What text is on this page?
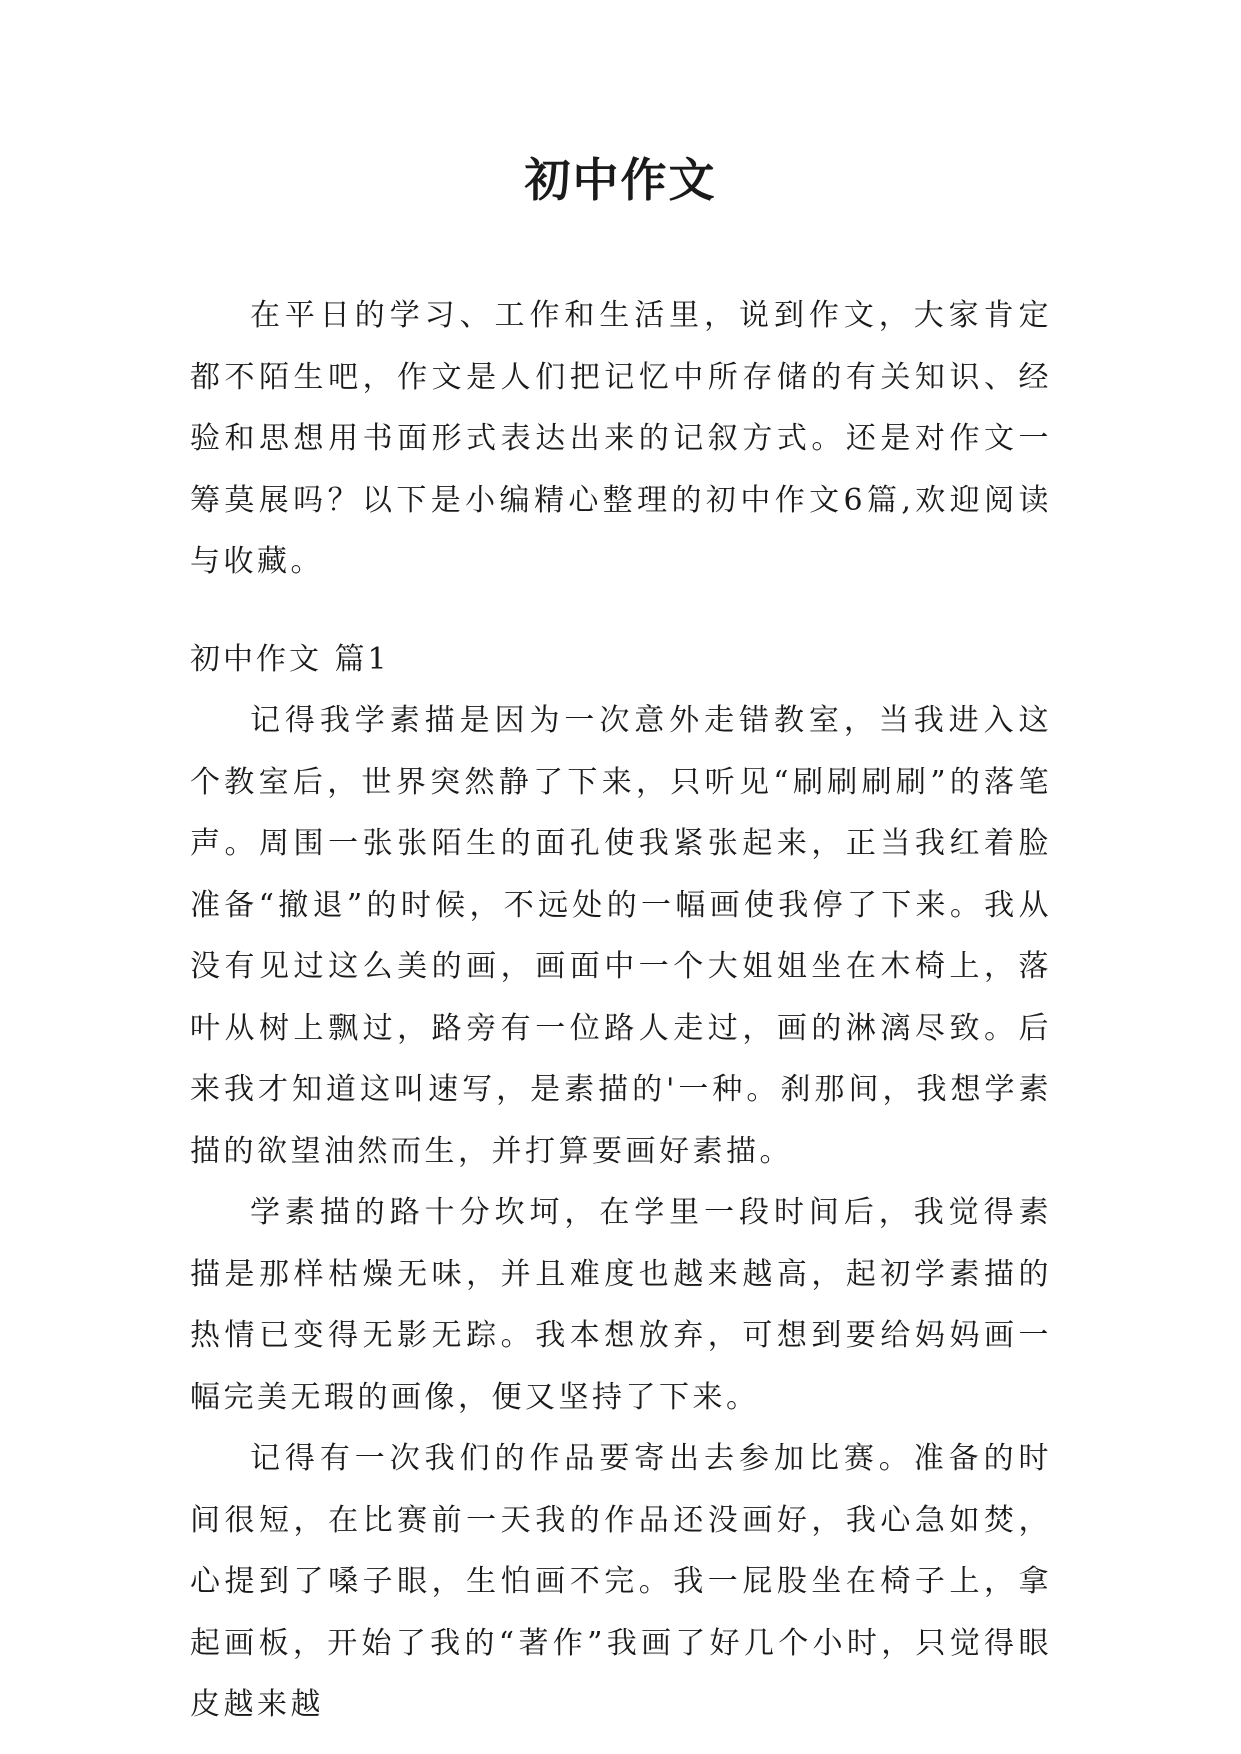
初中作文

在平日的学习、工作和生活里，说到作文，大家肯定都不陌生吧，作文是人们把记忆中所存储的有关知识、经验和思想用书面形式表达出来的记叙方式。还是对作文一筹莫展吗？以下是小编精心整理的初中作文6篇,欢迎阅读与收藏。

初中作文 篇1

记得我学素描是因为一次意外走错教室，当我进入这个教室后，世界突然静了下来，只听见“刷刷刷刷”的落笔声。周围一张张陌生的面孔使我紧张起来，正当我红着脸准备“撤退”的时候，不远处的一幅画使我停了下来。我从没有见过这么美的画，画面中一个大姐姐坐在木椅上，落叶从树上飘过，路旁有一位路人走过，画的淋漓尽致。后来我才知道这叫速写，是素描的'一种。刹那间，我想学素描的欲望油然而生，并打算要画好素描。

学素描的路十分坎坷，在学里一段时间后，我觉得素描是那样枯燥无味，并且难度也越来越高，起初学素描的热情已变得无影无踪。我本想放弃，可想到要给妈妈画一幅完美无瑕的画像，便又坚持了下来。

记得有一次我们的作品要寄出去参加比赛。准备的时间很短，在比赛前一天我的作品还没画好，我心急如焚，心提到了嗓子眼，生怕画不完。我一屁股坐在椅子上，拿起画板，开始了我的“著作”我画了好几个小时，只觉得眼皮越来越
